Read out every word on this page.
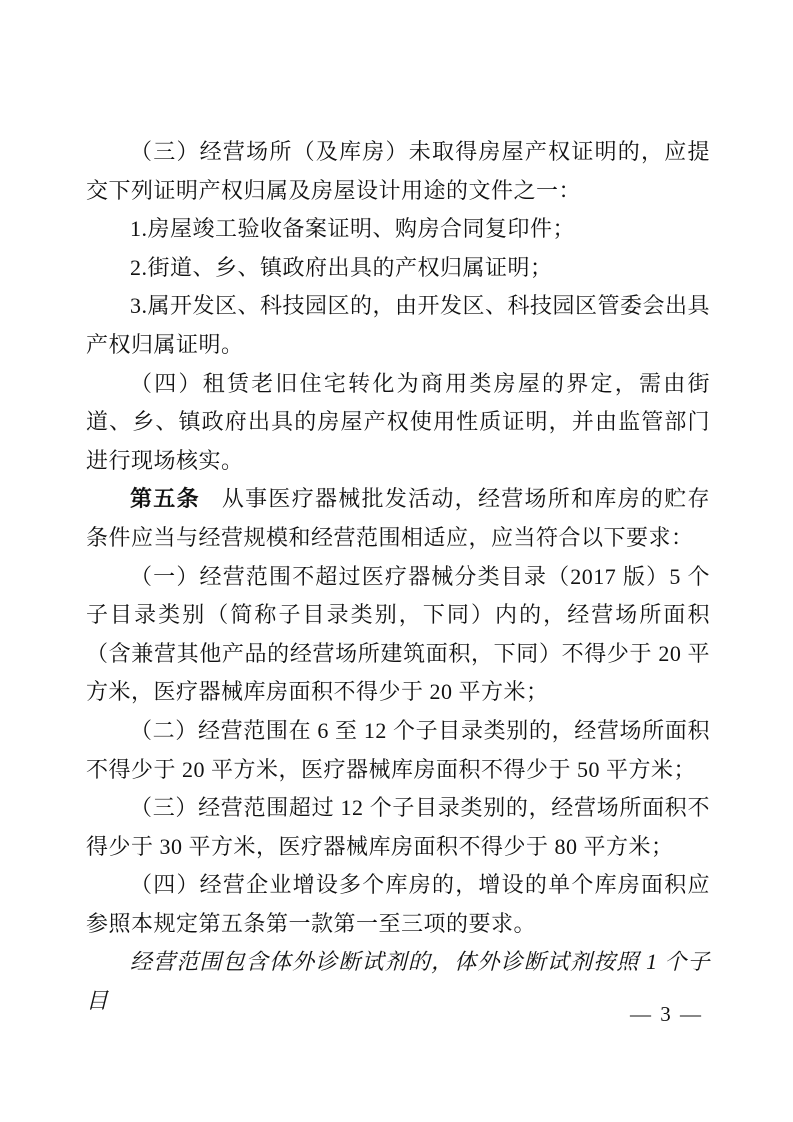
（三）经营场所（及库房）未取得房屋产权证明的，应提交下列证明产权归属及房屋设计用途的文件之一：

1.房屋竣工验收备案证明、购房合同复印件；

2.街道、乡、镇政府出具的产权归属证明；

3.属开发区、科技园区的，由开发区、科技园区管委会出具产权归属证明。

（四）租赁老旧住宅转化为商用类房屋的界定，需由街道、乡、镇政府出具的房屋产权使用性质证明，并由监管部门进行现场核实。

第五条 从事医疗器械批发活动，经营场所和库房的贮存条件应当与经营规模和经营范围相适应，应当符合以下要求：

（一）经营范围不超过医疗器械分类目录（2017 版）5 个子目录类别（简称子目录类别，下同）内的，经营场所面积（含兼营其他产品的经营场所建筑面积，下同）不得少于 20 平方米，医疗器械库房面积不得少于 20 平方米；

（二）经营范围在 6 至 12 个子目录类别的，经营场所面积不得少于 20 平方米，医疗器械库房面积不得少于 50 平方米；

（三）经营范围超过 12 个子目录类别的，经营场所面积不得少于 30 平方米，医疗器械库房面积不得少于 80 平方米；

（四）经营企业增设多个库房的，增设的单个库房面积应参照本规定第五条第一款第一至三项的要求。

经营范围包含体外诊断试剂的，体外诊断试剂按照 1 个子目

— 3 —
